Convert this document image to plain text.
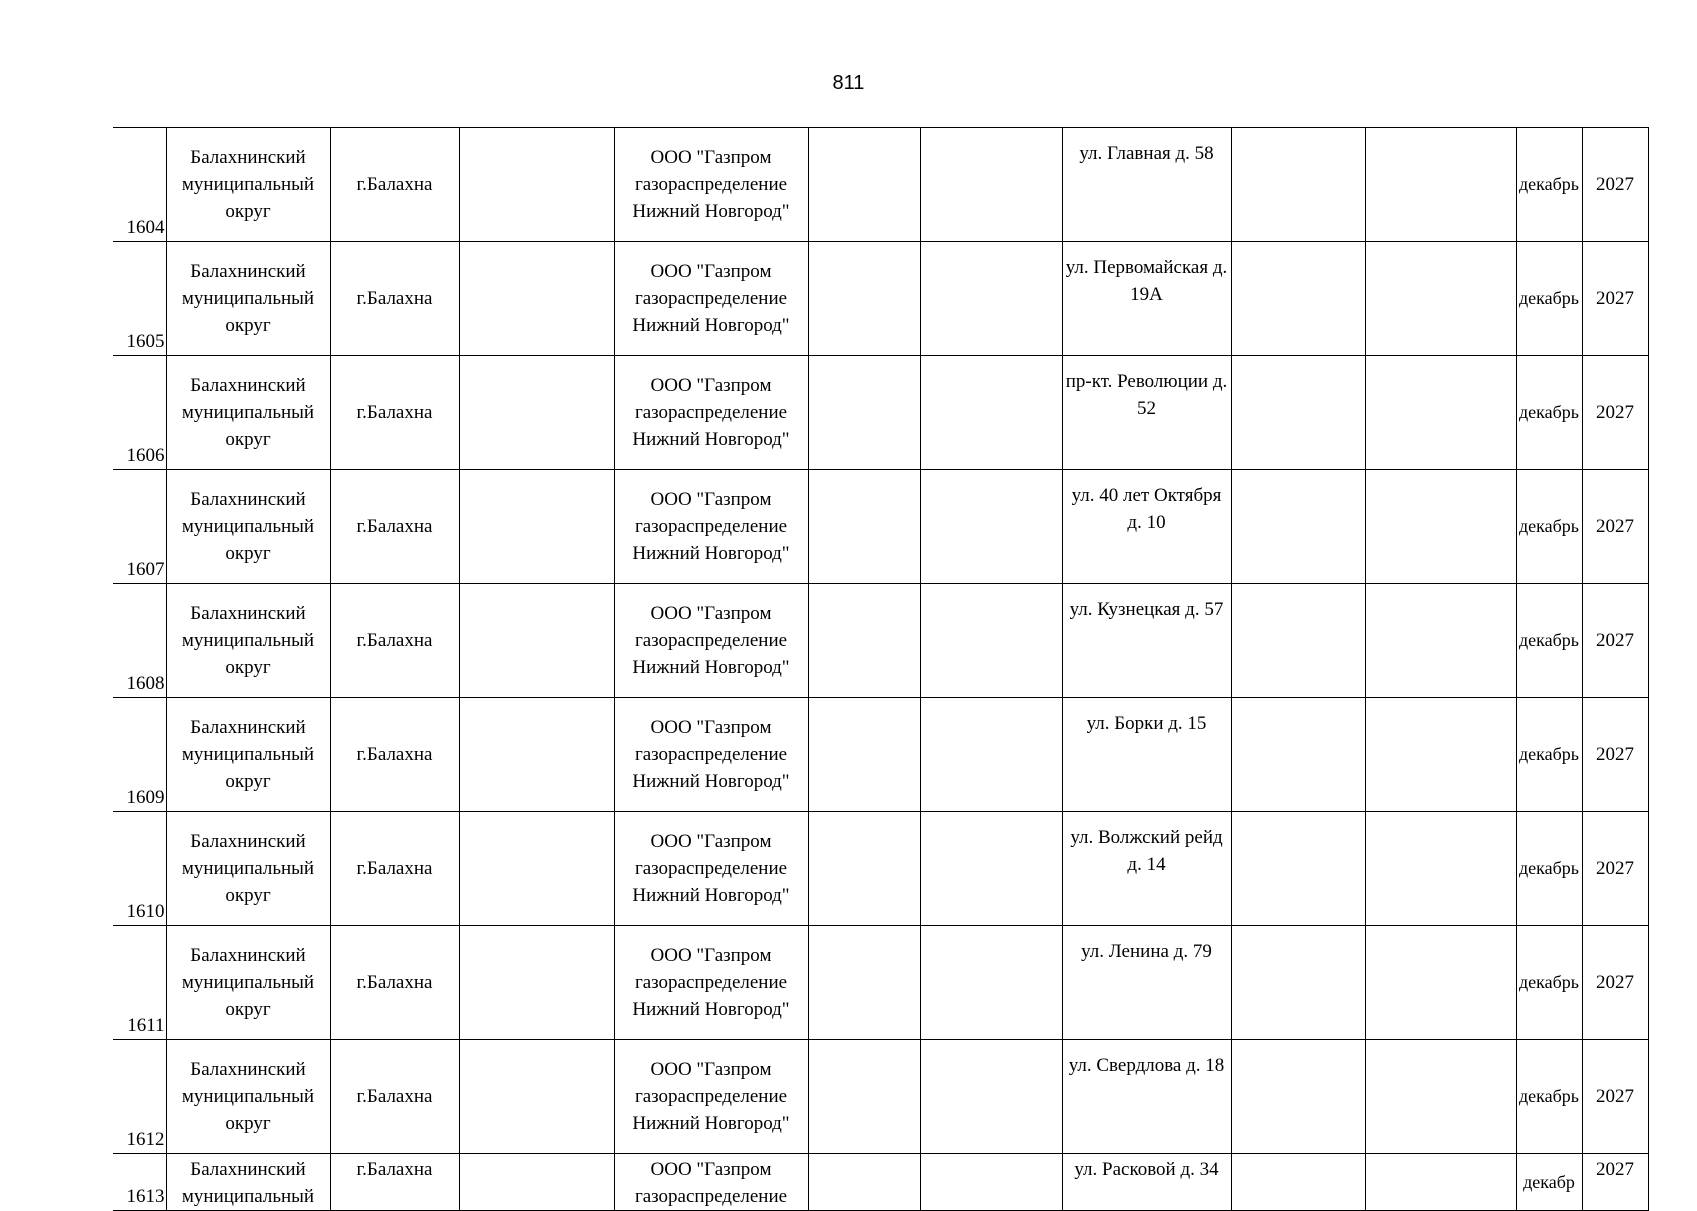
811
1604	Балахнинский муниципальный округ	г.Балахна		ООО "Газпром газораспределение Нижний Новгород"			ул. Главная д. 58			декабрь	2027
1605	Балахнинский муниципальный округ	г.Балахна		ООО "Газпром газораспределение Нижний Новгород"			ул. Первомайская д. 19А			декабрь	2027
1606	Балахнинский муниципальный округ	г.Балахна		ООО "Газпром газораспределение Нижний Новгород"			пр-кт. Революции д. 52			декабрь	2027
1607	Балахнинский муниципальный округ	г.Балахна		ООО "Газпром газораспределение Нижний Новгород"			ул. 40 лет Октября д. 10			декабрь	2027
1608	Балахнинский муниципальный округ	г.Балахна		ООО "Газпром газораспределение Нижний Новгород"			ул. Кузнецкая д. 57			декабрь	2027
1609	Балахнинский муниципальный округ	г.Балахна		ООО "Газпром газораспределение Нижний Новгород"			ул. Борки д. 15			декабрь	2027
1610	Балахнинский муниципальный округ	г.Балахна		ООО "Газпром газораспределение Нижний Новгород"			ул. Волжский рейд д. 14			декабрь	2027
1611	Балахнинский муниципальный округ	г.Балахна		ООО "Газпром газораспределение Нижний Новгород"			ул. Ленина д. 79			декабрь	2027
1612	Балахнинский муниципальный округ	г.Балахна		ООО "Газпром газораспределение Нижний Новгород"			ул. Свердлова д. 18			декабрь	2027
1613	Балахнинский муниципальный	г.Балахна		ООО "Газпром газораспределение			ул. Расковой д. 34			декабр	2027
